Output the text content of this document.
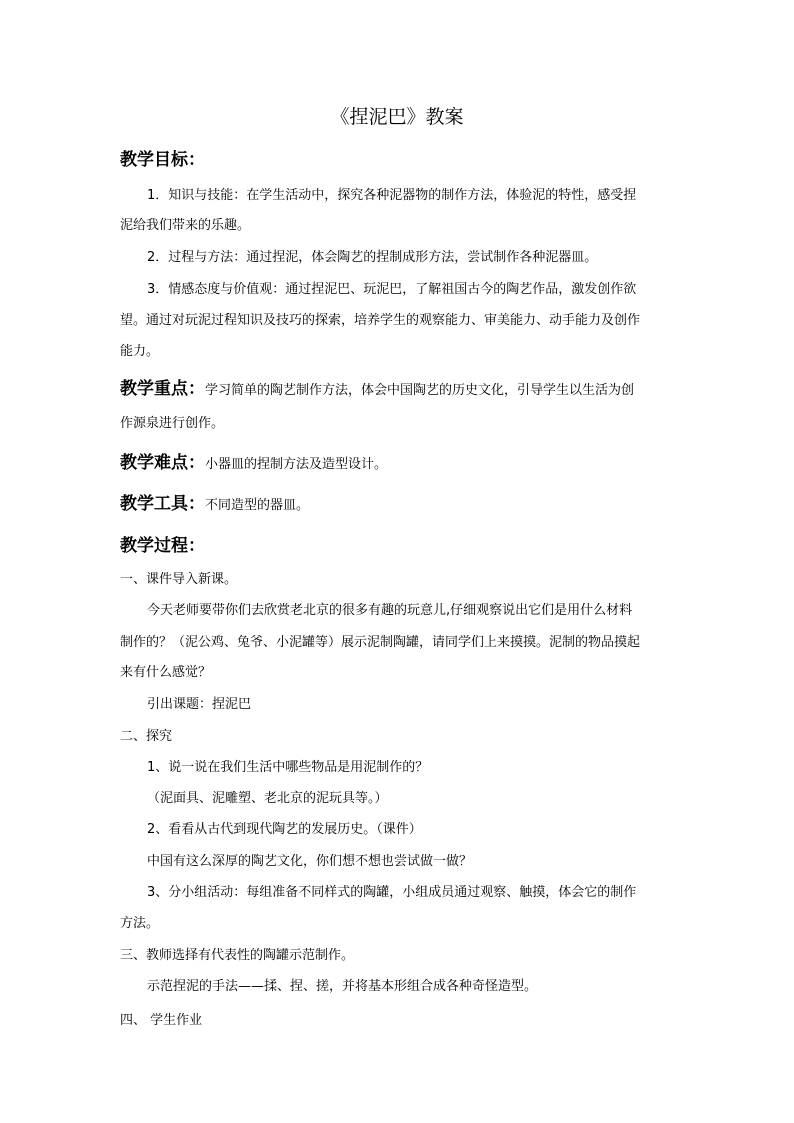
《捏泥巴》教案
教学目标：
1．知识与技能：在学生活动中，探究各种泥器物的制作方法，体验泥的特性，感受捏
泥给我们带来的乐趣。
2．过程与方法：通过捏泥，体会陶艺的捏制成形方法，尝试制作各种泥器皿。
3．情感态度与价值观：通过捏泥巴、玩泥巴，了解祖国古今的陶艺作品，激发创作欲
望。通过对玩泥过程知识及技巧的探索，培养学生的观察能力、审美能力、动手能力及创作
能力。
教学重点：学习简单的陶艺制作方法，体会中国陶艺的历史文化，引导学生以生活为创
作源泉进行创作。
教学难点：小器皿的捏制方法及造型设计。
教学工具：不同造型的器皿。
教学过程：
一、课件导入新课。
今天老师要带你们去欣赏老北京的很多有趣的玩意儿,仔细观察说出它们是用什么材料
制作的？（泥公鸡、兔爷、小泥罐等）展示泥制陶罐，请同学们上来摸摸。泥制的物品摸起
来有什么感觉？
引出课题：捏泥巴
二、探究
1、说一说在我们生活中哪些物品是用泥制作的？
（泥面具、泥雕塑、老北京的泥玩具等。）
2、看看从古代到现代陶艺的发展历史。（课件）
中国有这么深厚的陶艺文化，你们想不想也尝试做一做？
3、分小组活动：每组准备不同样式的陶罐，小组成员通过观察、触摸，体会它的制作
方法。
三、教师选择有代表性的陶罐示范制作。
示范捏泥的手法——揉、捏、搓，并将基本形组合成各种奇怪造型。
四、 学生作业
